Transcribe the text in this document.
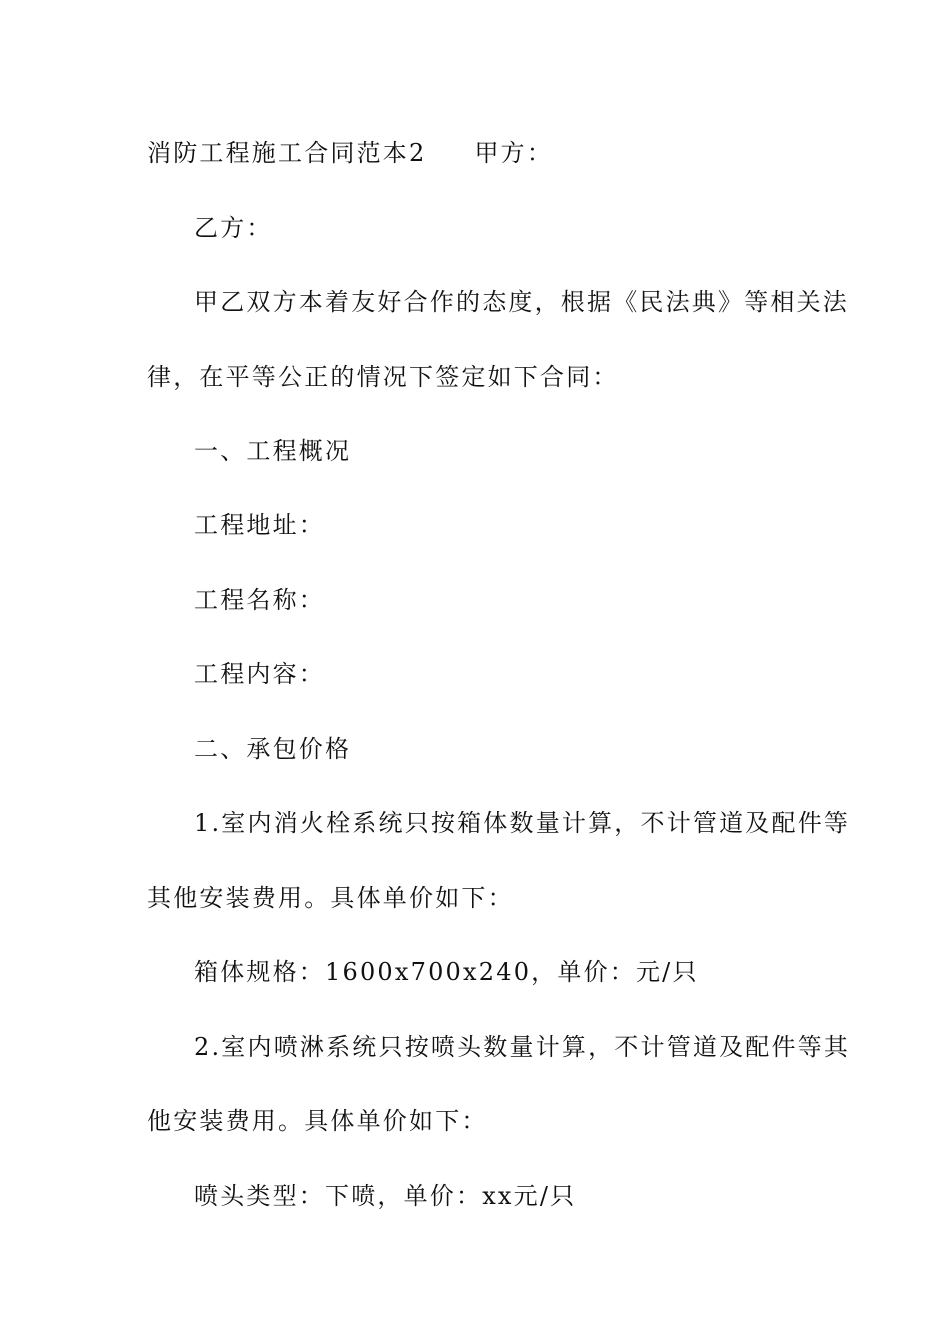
消防工程施工合同范本2 甲方：
乙方：
甲乙双方本着友好合作的态度，根据《民法典》等相关法
律，在平等公正的情况下签定如下合同：
一、工程概况
工程地址：
工程名称：
工程内容：
二、承包价格
1.室内消火栓系统只按箱体数量计算，不计管道及配件等
其他安装费用。具体单价如下：
箱体规格：1600x700x240，单价：元/只
2.室内喷淋系统只按喷头数量计算，不计管道及配件等其
他安装费用。具体单价如下：
喷头类型：下喷，单价：xx元/只
